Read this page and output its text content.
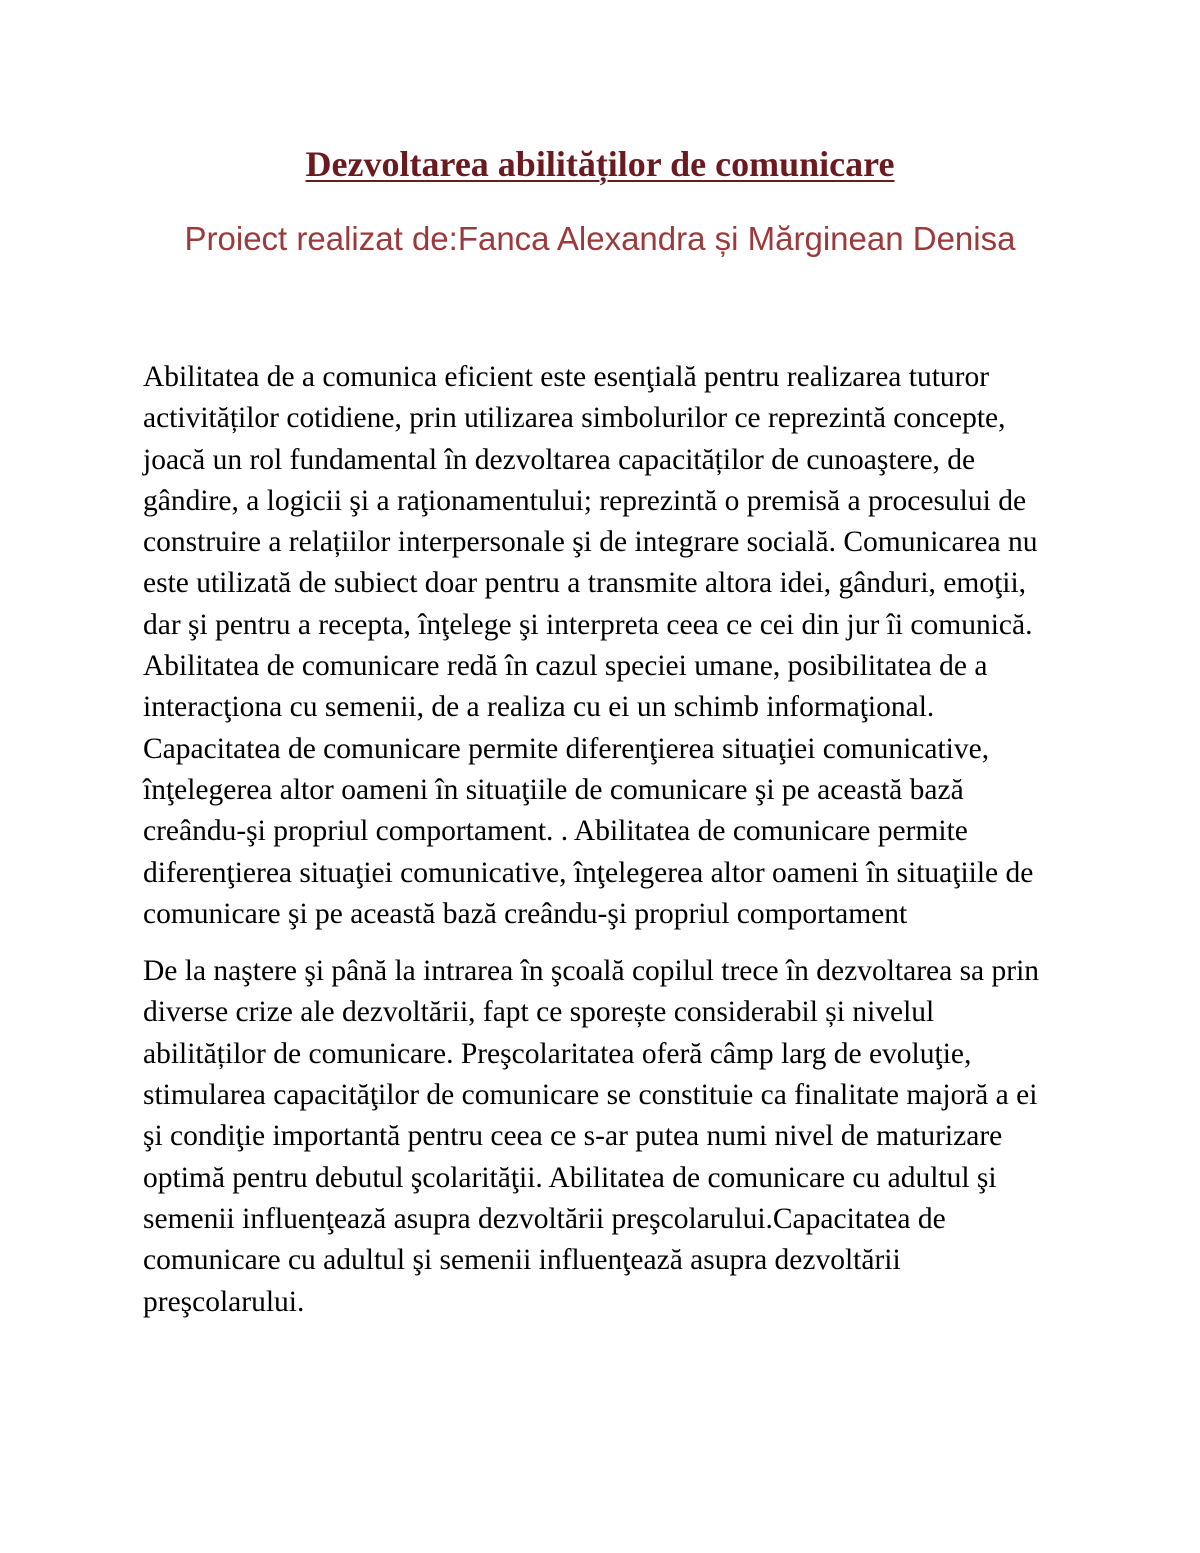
Dezvoltarea abilităților de comunicare
Proiect realizat de:Fanca Alexandra și Mărginean Denisa

Abilitatea de a comunica eficient este esenţială pentru realizarea tuturor activităților cotidiene, prin utilizarea simbolurilor ce reprezintă concepte, joacă un rol fundamental în dezvoltarea capacităților de cunoaştere, de gândire, a logicii şi a raţionamentului; reprezintă o premisă a procesului de construire a relațiilor interpersonale şi de integrare socială. Comunicarea nu este utilizată de subiect doar pentru a transmite altora idei, gânduri, emoţii, dar şi pentru a recepta, înţelege şi interpreta ceea ce cei din jur îi comunică. Abilitatea de comunicare redă în cazul speciei umane, posibilitatea de a interacţiona cu semenii, de a realiza cu ei un schimb informaţional. Capacitatea de comunicare permite diferenţierea situaţiei comunicative, înţelegerea altor oameni în situaţiile de comunicare şi pe această bază creându-şi propriul comportament. . Abilitatea de comunicare permite diferenţierea situaţiei comunicative, înţelegerea altor oameni în situaţiile de comunicare şi pe această bază creându-şi propriul comportament

De la naştere şi până la intrarea în şcoală copilul trece în dezvoltarea sa prin diverse crize ale dezvoltării, fapt ce sporește considerabil și nivelul abilităților de comunicare. Preşcolaritatea oferă câmp larg de evoluţie, stimularea capacităţilor de comunicare se constituie ca finalitate majoră a ei şi condiţie importantă pentru ceea ce s-ar putea numi nivel de maturizare optimă pentru debutul şcolarităţii. Abilitatea de comunicare cu adultul şi semenii influenţează asupra dezvoltării preşcolarului.Capacitatea de comunicare cu adultul şi semenii influenţează asupra dezvoltării preşcolarului.
